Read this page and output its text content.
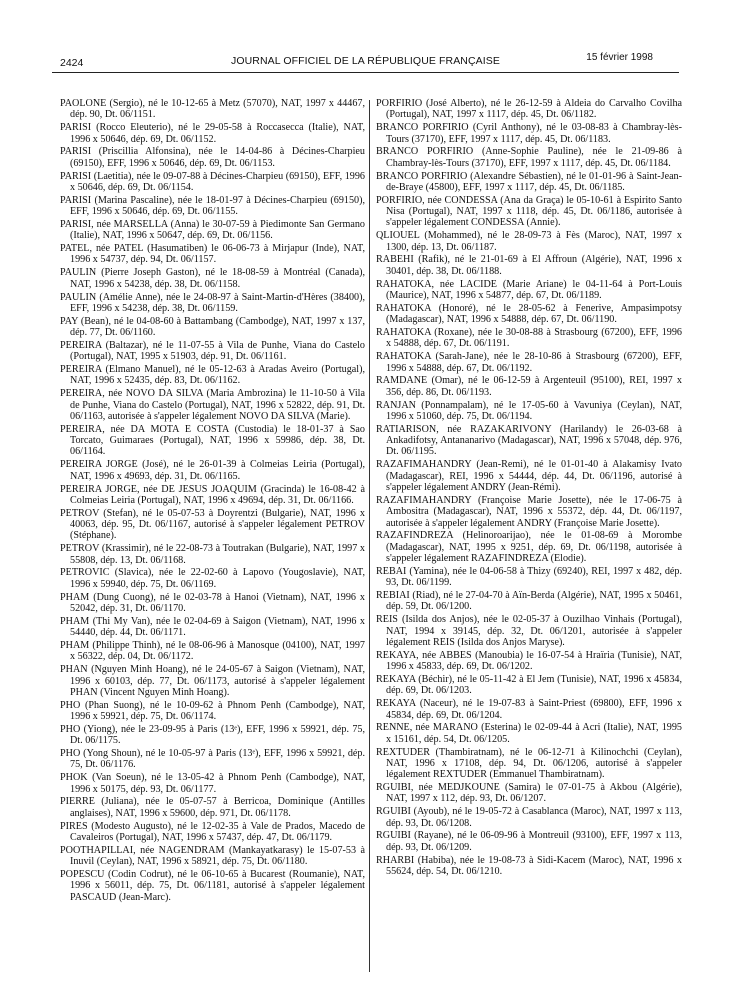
2424	JOURNAL OFFICIEL DE LA RÉPUBLIQUE FRANÇAISE	15 février 1998

PAOLONE (Sergio), né le 10-12-65 à Metz (57070), NAT, 1997 x 44467, dép. 90, Dt. 06/1151.

PARISI (Rocco Eleuterio), né le 29-05-58 à Roccasecca (Italie), NAT, 1996 x 50646, dép. 69, Dt. 06/1152.

PARISI (Priscillia Alfonsina), née le 14-04-86 à Décines-Charpieu (69150), EFF, 1996 x 50646, dép. 69, Dt. 06/1153.

PARISI (Laetitia), née le 09-07-88 à Décines-Charpieu (69150), EFF, 1996 x 50646, dép. 69, Dt. 06/1154.

PARISI (Marina Pascaline), née le 18-01-97 à Décines-Charpieu (69150), EFF, 1996 x 50646, dép. 69, Dt. 06/1155.

PARISI, née MARSELLA (Anna) le 30-07-59 à Piedimonte San Germano (Italie), NAT, 1996 x 50647, dép. 69, Dt. 06/1156.

PATEL, née PATEL (Hasumatiben) le 06-06-73 à Mirjapur (Inde), NAT, 1996 x 54737, dép. 94, Dt. 06/1157.

PAULIN (Pierre Joseph Gaston), né le 18-08-59 à Montréal (Canada), NAT, 1996 x 54238, dép. 38, Dt. 06/1158.

PAULIN (Amélie Anne), née le 24-08-97 à Saint-Martin-d'Hères (38400), EFF, 1996 x 54238, dép. 38, Dt. 06/1159.

PAY (Bean), né le 04-08-60 à Battambang (Cambodge), NAT, 1997 x 137, dép. 77, Dt. 06/1160.

PEREIRA (Baltazar), né le 11-07-55 à Vila de Punhe, Viana do Castelo (Portugal), NAT, 1995 x 51903, dép. 91, Dt. 06/1161.

PEREIRA (Elmano Manuel), né le 05-12-63 à Aradas Aveiro (Portugal), NAT, 1996 x 52435, dép. 83, Dt. 06/1162.

PEREIRA, née NOVO DA SILVA (Maria Ambrozina) le 11-10-50 à Vila de Punhe, Viana do Castelo (Portugal), NAT, 1996 x 52822, dép. 91, Dt. 06/1163, autorisée à s'appeler légalement NOVO DA SILVA (Marie).

PEREIRA, née DA MOTA E COSTA (Custodia) le 18-01-37 à Sao Torcato, Guimaraes (Portugal), NAT, 1996 x 59986, dép. 38, Dt. 06/1164.

PEREIRA JORGE (José), né le 26-01-39 à Colmeias Leiria (Portugal), NAT, 1996 x 49693, dép. 31, Dt. 06/1165.

PEREIRA JORGE, née DE JESUS JOAQUIM (Gracinda) le 16-08-42 à Colmeias Leiria (Portugal), NAT, 1996 x 49694, dép. 31, Dt. 06/1166.

PETROV (Stefan), né le 05-07-53 à Doyrentzi (Bulgarie), NAT, 1996 x 40063, dép. 95, Dt. 06/1167, autorisé à s'appeler légalement PETROV (Stéphane).

PETROV (Krassimir), né le 22-08-73 à Toutrakan (Bulgarie), NAT, 1997 x 55808, dép. 13, Dt. 06/1168.

PETROVIC (Slavica), née le 22-02-60 à Lapovo (Yougoslavie), NAT, 1996 x 59940, dép. 75, Dt. 06/1169.

PHAM (Dung Cuong), né le 02-03-78 à Hanoi (Vietnam), NAT, 1996 x 52042, dép. 31, Dt. 06/1170.

PHAM (Thi My Van), née le 02-04-69 à Saigon (Vietnam), NAT, 1996 x 54440, dép. 44, Dt. 06/1171.

PHAM (Philippe Thinh), né le 08-06-96 à Manosque (04100), NAT, 1997 x 56322, dép. 04, Dt. 06/1172.

PHAN (Nguyen Minh Hoang), né le 24-05-67 à Saigon (Vietnam), NAT, 1996 x 60103, dép. 77, Dt. 06/1173, autorisé à s'appeler légalement PHAN (Vincent Nguyen Minh Hoang).

PHO (Phan Suong), né le 10-09-62 à Phnom Penh (Cambodge), NAT, 1996 x 59921, dép. 75, Dt. 06/1174.

PHO (Yiong), née le 23-09-95 à Paris (13ᵉ), EFF, 1996 x 59921, dép. 75, Dt. 06/1175.

PHO (Yong Shoun), né le 10-05-97 à Paris (13ᵉ), EFF, 1996 x 59921, dép. 75, Dt. 06/1176.

PHOK (Van Soeun), né le 13-05-42 à Phnom Penh (Cambodge), NAT, 1996 x 50175, dép. 93, Dt. 06/1177.

PIERRE (Juliana), née le 05-07-57 à Berricoa, Dominique (Antilles anglaises), NAT, 1996 x 59600, dép. 971, Dt. 06/1178.

PIRES (Modesto Augusto), né le 12-02-35 à Vale de Prados, Macedo de Cavaleiros (Portugal), NAT, 1996 x 57437, dép. 47, Dt. 06/1179.

POOTHAPILLAI, née NAGENDRAM (Mankayatkarasy) le 15-07-53 à Inuvil (Ceylan), NAT, 1996 x 58921, dép. 75, Dt. 06/1180.

POPESCU (Codin Codrut), né le 06-10-65 à Bucarest (Roumanie), NAT, 1996 x 56011, dép. 75, Dt. 06/1181, autorisé à s'appeler légalement PASCAUD (Jean-Marc).

PORFIRIO (José Alberto), né le 26-12-59 à Aldeia do Carvalho Covilha (Portugal), NAT, 1997 x 1117, dép. 45, Dt. 06/1182.

BRANCO PORFIRIO (Cyril Anthony), né le 03-08-83 à Chambray-lès-Tours (37170), EFF, 1997 x 1117, dép. 45, Dt. 06/1183.

BRANCO PORFIRIO (Anne-Sophie Pauline), née le 21-09-86 à Chambray-lès-Tours (37170), EFF, 1997 x 1117, dép. 45, Dt. 06/1184.

BRANCO PORFIRIO (Alexandre Sébastien), né le 01-01-96 à Saint-Jean-de-Braye (45800), EFF, 1997 x 1117, dép. 45, Dt. 06/1185.

PORFIRIO, née CONDESSA (Ana da Graça) le 05-10-61 à Espirito Santo Nisa (Portugal), NAT, 1997 x 1118, dép. 45, Dt. 06/1186, autorisée à s'appeler légalement CONDESSA (Annie).

QLIOUEL (Mohammed), né le 28-09-73 à Fès (Maroc), NAT, 1997 x 1300, dép. 13, Dt. 06/1187.

RABEHI (Rafik), né le 21-01-69 à El Affroun (Algérie), NAT, 1996 x 30401, dép. 38, Dt. 06/1188.

RAHATOKA, née LACIDE (Marie Ariane) le 04-11-64 à Port-Louis (Maurice), NAT, 1996 x 54877, dép. 67, Dt. 06/1189.

RAHATOKA (Honoré), né le 28-05-62 à Fenerive, Ampasimpotsy (Madagascar), NAT, 1996 x 54888, dép. 67, Dt. 06/1190.

RAHATOKA (Roxane), née le 30-08-88 à Strasbourg (67200), EFF, 1996 x 54888, dép. 67, Dt. 06/1191.

RAHATOKA (Sarah-Jane), née le 28-10-86 à Strasbourg (67200), EFF, 1996 x 54888, dép. 67, Dt. 06/1192.

RAMDANE (Omar), né le 06-12-59 à Argenteuil (95100), REI, 1997 x 356, dép. 86, Dt. 06/1193.

RANJAN (Ponnampalam), né le 17-05-60 à Vavuniya (Ceylan), NAT, 1996 x 51060, dép. 75, Dt. 06/1194.

RATIARISON, née RAZAKARIVONY (Harilandy) le 26-03-68 à Ankadifotsy, Antananarivo (Madagascar), NAT, 1996 x 57048, dép. 976, Dt. 06/1195.

RAZAFIMAHANDRY (Jean-Remi), né le 01-01-40 à Alakamisy Ivato (Madagascar), REI, 1996 x 54444, dép. 44, Dt. 06/1196, autorisé à s'appeler légalement ANDRY (Jean-Rémi).

RAZAFIMAHANDRY (Françoise Marie Josette), née le 17-06-75 à Ambositra (Madagascar), NAT, 1996 x 55372, dép. 44, Dt. 06/1197, autorisée à s'appeler légalement ANDRY (Françoise Marie Josette).

RAZAFINDREZA (Helinoroarijao), née le 01-08-69 à Morombe (Madagascar), NAT, 1995 x 9251, dép. 69, Dt. 06/1198, autorisée à s'appeler légalement RAZAFINDREZA (Elodie).

REBAI (Yamina), née le 04-06-58 à Thizy (69240), REI, 1997 x 482, dép. 93, Dt. 06/1199.

REBIAI (Riad), né le 27-04-70 à Aïn-Berda (Algérie), NAT, 1995 x 50461, dép. 59, Dt. 06/1200.

REIS (Isilda dos Anjos), née le 02-05-37 à Ouzilhao Vinhais (Portugal), NAT, 1994 x 39145, dép. 32, Dt. 06/1201, autorisée à s'appeler légalement REIS (Isilda dos Anjos Maryse).

REKAYA, née ABBES (Manoubia) le 16-07-54 à Hraïria (Tunisie), NAT, 1996 x 45833, dép. 69, Dt. 06/1202.

REKAYA (Béchir), né le 05-11-42 à El Jem (Tunisie), NAT, 1996 x 45834, dép. 69, Dt. 06/1203.

REKAYA (Naceur), né le 19-07-83 à Saint-Priest (69800), EFF, 1996 x 45834, dép. 69, Dt. 06/1204.

RENNE, née MARANO (Esterina) le 02-09-44 à Acri (Italie), NAT, 1995 x 15161, dép. 54, Dt. 06/1205.

REXTUDER (Thambiratnam), né le 06-12-71 à Kilinochchi (Ceylan), NAT, 1996 x 17108, dép. 94, Dt. 06/1206, autorisé à s'appeler légalement REXTUDER (Emmanuel Thambiratnam).

RGUIBI, née MEDJKOUNE (Samira) le 07-01-75 à Akbou (Algérie), NAT, 1997 x 112, dép. 93, Dt. 06/1207.

RGUIBI (Ayoub), né le 19-05-72 à Casablanca (Maroc), NAT, 1997 x 113, dép. 93, Dt. 06/1208.

RGUIBI (Rayane), né le 06-09-96 à Montreuil (93100), EFF, 1997 x 113, dép. 93, Dt. 06/1209.

RHARBI (Habiba), née le 19-08-73 à Sidi-Kacem (Maroc), NAT, 1996 x 55624, dép. 54, Dt. 06/1210.
